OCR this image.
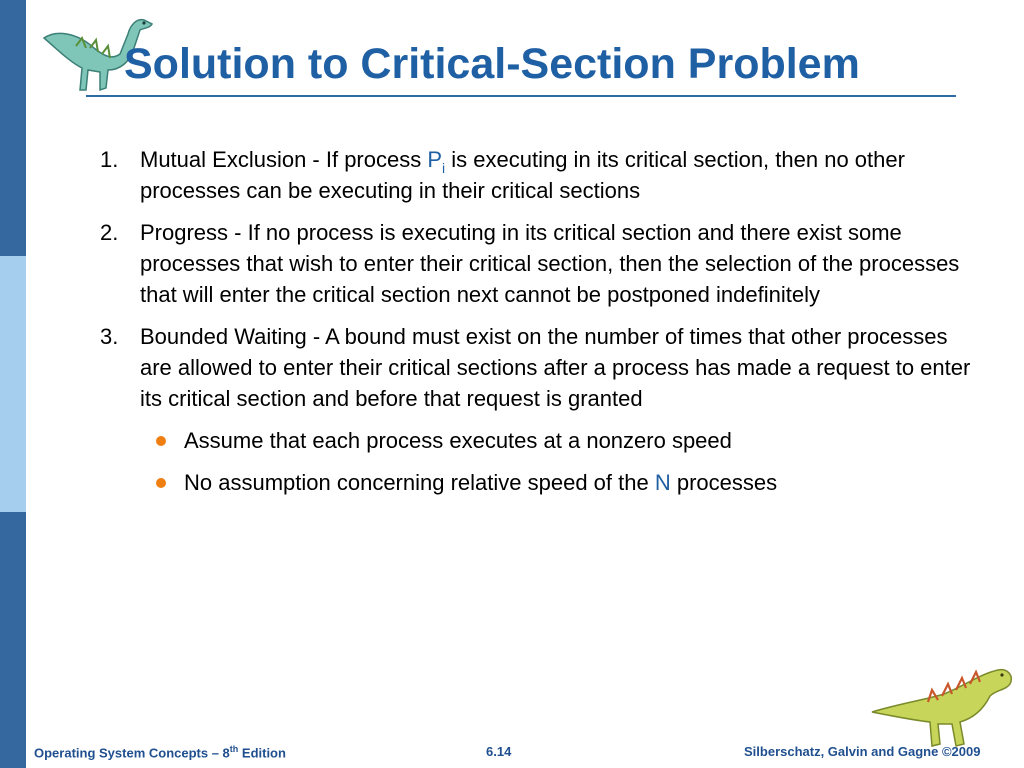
Solution to Critical-Section Problem
1. Mutual Exclusion - If process $P_i$ is executing in its critical section, then no other processes can be executing in their critical sections
2. Progress - If no process is executing in its critical section and there exist some processes that wish to enter their critical section, then the selection of the processes that will enter the critical section next cannot be postponed indefinitely
3. Bounded Waiting - A bound must exist on the number of times that other processes are allowed to enter their critical sections after a process has made a request to enter its critical section and before that request is granted
Assume that each process executes at a nonzero speed
No assumption concerning relative speed of the N processes
Operating System Concepts – 8th Edition	6.14	Silberschatz, Galvin and Gagne ©2009
